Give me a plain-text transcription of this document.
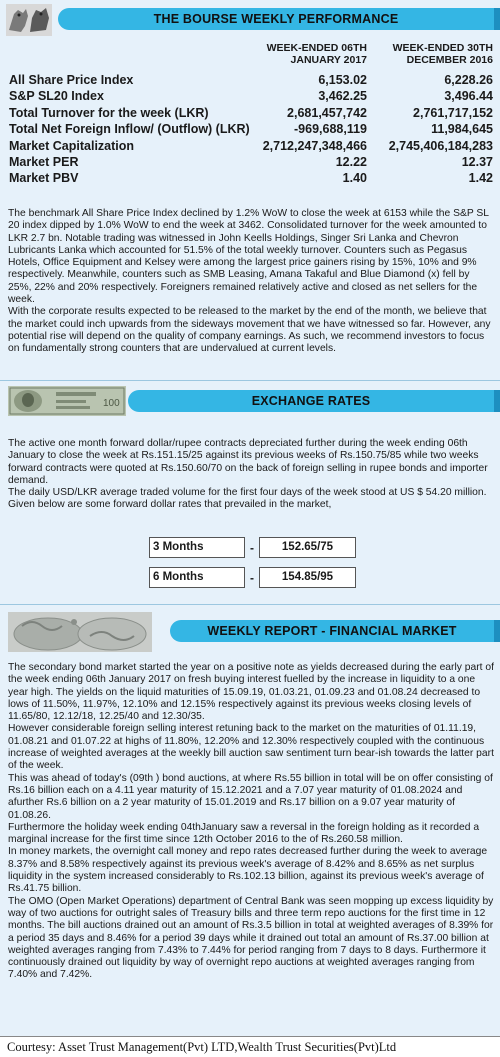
THE BOURSE WEEKLY PERFORMANCE
WEEK-ENDED 06TH
JANUARY 2017
WEEK-ENDED 30TH
DECEMBER 2016
All Share Price Index	6,153.02	6,228.26
S&P SL20 Index	3,462.25	3,496.44
Total Turnover for the week (LKR)	2,681,457,742	2,761,717,152
Total Net Foreign Inflow/ (Outflow) (LKR)	-969,688,119	11,984,645
Market Capitalization	2,712,247,348,466	2,745,406,184,283
Market PER	12.22	12.37
Market PBV	1.40	1.42

The benchmark All Share Price Index declined by 1.2% WoW to close the week at 6153 while the S&P SL 20 index dipped by 1.0% WoW to end the week at 3462. Consolidated turnover for the week amounted to LKR 2.7 bn. Notable trading was witnessed in John Keells Holdings, Singer Sri Lanka and Chevron Lubricants Lanka which accounted for 51.5% of the total weekly turnover. Counters such as Pegasus Hotels, Office Equipment and Kelsey were among the largest price gainers rising by 15%, 10% and 9% respectively. Meanwhile, counters such as SMB Leasing, Amana Takaful and Blue Diamond (x) fell by 25%, 22% and 20% respectively. Foreigners remained relatively active and closed as net sellers for the week.

With the corporate results expected to be released to the market by the end of the month, we believe that the market could inch upwards from the sideways movement that we have witnessed so far. However, any potential rise will depend on the quality of company earnings. As such, we recommend investors to focus on fundamentally strong counters that are undervalued at current levels.

100	EXCHANGE RATES

The active one month forward dollar/rupee contracts depreciated further during the week ending 06th January to close the week at Rs.151.15/25 against its previous weeks of Rs.150.75/85 while two weeks forward contracts were quoted at Rs.150.60/70 on the back of foreign selling in rupee bonds and importer demand.

The daily USD/LKR average traded volume for the first four days of the week stood at US $ 54.20 million. Given below are some forward dollar rates that prevailed in the market,

3 Months	-	152.65/75
6 Months	-	154.85/95
WEEKLY REPORT - FINANCIAL MARKET

The secondary bond market started the year on a positive note as yields decreased during the early part of the week ending 06th January 2017 on fresh buying interest fuelled by the increase in liquidity to a one year high. The yields on the liquid maturities of 15.09.19, 01.03.21, 01.09.23 and 01.08.24 decreased to lows of 11.50%, 11.97%, 12.10% and 12.15% respectively against its previous weeks closing levels of 11.65/80, 12.12/18, 12.25/40 and 12.30/35.

However considerable foreign selling interest retuning back to the market on the maturities of 01.11.19, 01.08.21 and 01.07.22 at highs of 11.80%, 12.20% and 12.30% respectively coupled with the continuous increase of weighted averages at the weekly bill auction saw sentiment turn bear-ish towards the latter part of the week.

This was ahead of today's (09th ) bond auctions, at where Rs.55 billion in total will be on offer consisting of Rs.16 billion each on a 4.11 year maturity of 15.12.2021 and a 7.07 year maturity of 01.08.2024 and afurther Rs.6 billion on a 2 year maturity of 15.01.2019 and Rs.17 billion on a 9.07 year maturity of 01.08.26.

Furthermore the holiday week ending 04thJanuary saw a reversal in the foreign holding as it recorded a marginal increase for the first time since 12th October 2016 to the of Rs.260.58 million.

In money markets, the overnight call money and repo rates decreased further during the week to average 8.37% and 8.58% respectively against its previous week's average of 8.42% and 8.65% as net surplus liquidity in the system increased considerably to Rs.102.13 billion, against its previous week's average of Rs.41.75 billion.

The OMO (Open Market Operations) department of Central Bank was seen mopping up excess liquidity by way of two auctions for outright sales of Treasury bills and three term repo auctions for the first time in 12 months. The bill auctions drained out an amount of Rs.3.5 billion in total at weighted averages of 8.39% for a period 35 days and 8.46% for a period 39 days while it drained out total an amount of Rs.37.00 billion at weighted averages ranging from 7.43% to 7.44% for period ranging from 7 days to 8 days. Furthermore it continuously drained out liquidity by way of overnight repo auctions at weighted averages ranging from 7.40% and 7.42%.

Courtesy: Asset Trust Management(Pvt) LTD,Wealth Trust Securities(Pvt)Ltd
